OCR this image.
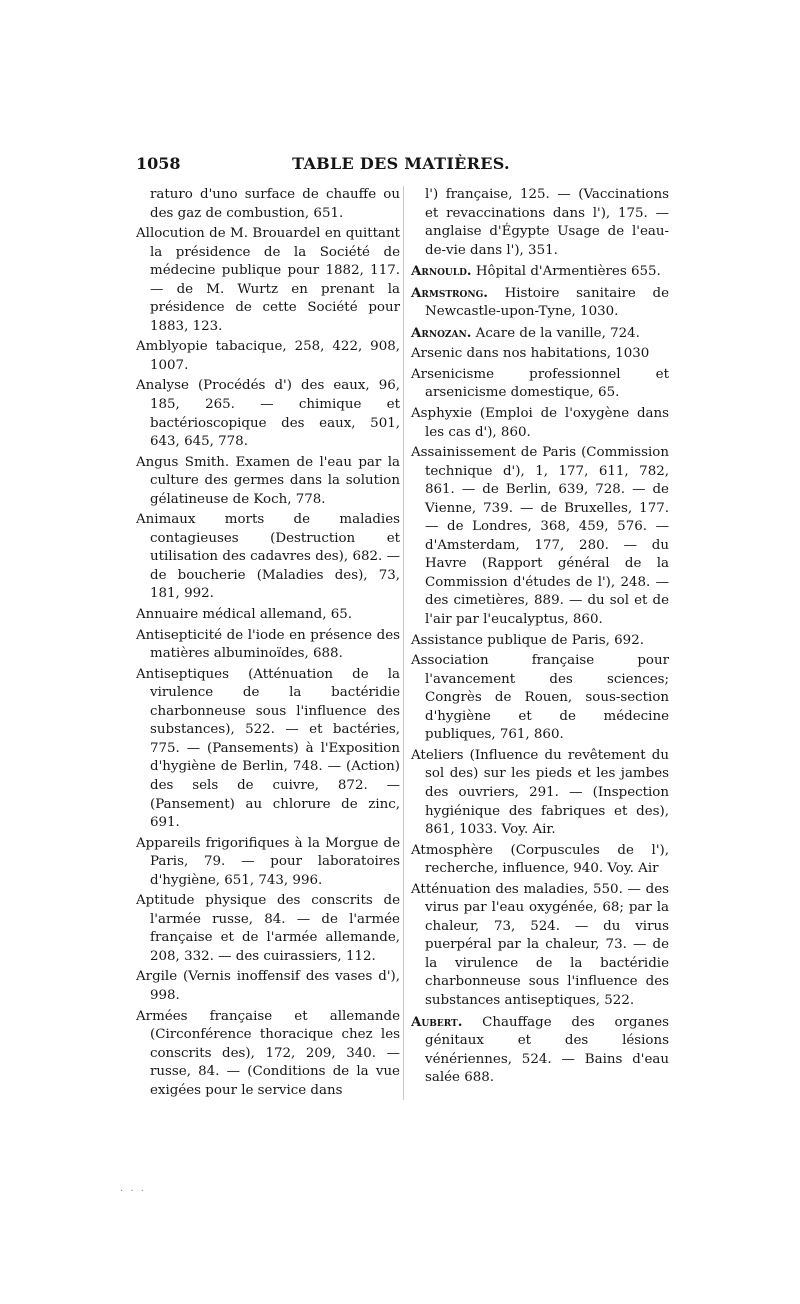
1058	TABLE DES MATIÈRES.

raturo d'uno surface de chauffe ou des gaz de combustion, 651.

Allocution de M. Brouardel en quittant la présidence de la Société de médecine publique pour 1882, 117. — de M. Wurtz en prenant la présidence de cette Société pour 1883, 123.

Amblyopie tabacique, 258, 422, 908, 1007.

Analyse (Procédés d') des eaux, 96, 185, 265. — chimique et bactérioscopique des eaux, 501, 643, 645, 778.

Angus Smith. Examen de l'eau par la culture des germes dans la solution gélatineuse de Koch, 778.

Animaux morts de maladies contagieuses (Destruction et utilisation des cadavres des), 682. — de boucherie (Maladies des), 73, 181, 992.

Annuaire médical allemand, 65.

Antisepticité de l'iode en présence des matières albuminoïdes, 688.

Antiseptiques (Atténuation de la virulence de la bactéridie charbonneuse sous l'influence des substances), 522. — et bactéries, 775. — (Pansements) à l'Exposition d'hygiène de Berlin, 748. — (Action) des sels de cuivre, 872. — (Pansement) au chlorure de zinc, 691.

Appareils frigorifiques à la Morgue de Paris, 79. — pour laboratoires d'hygiène, 651, 743, 996.

Aptitude physique des conscrits de l'armée russe, 84. — de l'armée française et de l'armée allemande, 208, 332. — des cuirassiers, 112.

Argile (Vernis inoffensif des vases d'), 998.

Armées française et allemande (Circonférence thoracique chez les conscrits des), 172, 209, 340. — russe, 84. — (Conditions de la vue exigées pour le service dans

l') française, 125. — (Vaccinations et revaccinations dans l'), 175. — anglaise d'Égypte Usage de l'eau-de-vie dans l'), 351.

Arnould. Hôpital d'Armentières 655.

Armstrong. Histoire sanitaire de Newcastle-upon-Tyne, 1030.

Arnozan. Acare de la vanille, 724.

Arsenic dans nos habitations, 1030

Arsenicisme professionnel et arsenicisme domestique, 65.

Asphyxie (Emploi de l'oxygène dans les cas d'), 860.

Assainissement de Paris (Commission technique d'), 1, 177, 611, 782, 861. — de Berlin, 639, 728. — de Vienne, 739. — de Bruxelles, 177. — de Londres, 368, 459, 576. — d'Amsterdam, 177, 280. — du Havre (Rapport général de la Commission d'études de l'), 248. — des cimetières, 889. — du sol et de l'air par l'eucalyptus, 860.

Assistance publique de Paris, 692.

Association française pour l'avancement des sciences; Congrès de Rouen, sous-section d'hygiène et de médecine publiques, 761, 860.

Ateliers (Influence du revêtement du sol des) sur les pieds et les jambes des ouvriers, 291. — (Inspection hygiénique des fabriques et des), 861, 1033. Voy. Air.

Atmosphère (Corpuscules de l'), recherche, influence, 940. Voy. Air

Atténuation des maladies, 550. — des virus par l'eau oxygénée, 68; par la chaleur, 73, 524. — du virus puerpéral par la chaleur, 73. — de la virulence de la bactéridie charbonneuse sous l'influence des substances antiseptiques, 522.

Aubert. Chauffage des organes génitaux et des lésions vénériennes, 524. — Bains d'eau salée 688.

· · ·
